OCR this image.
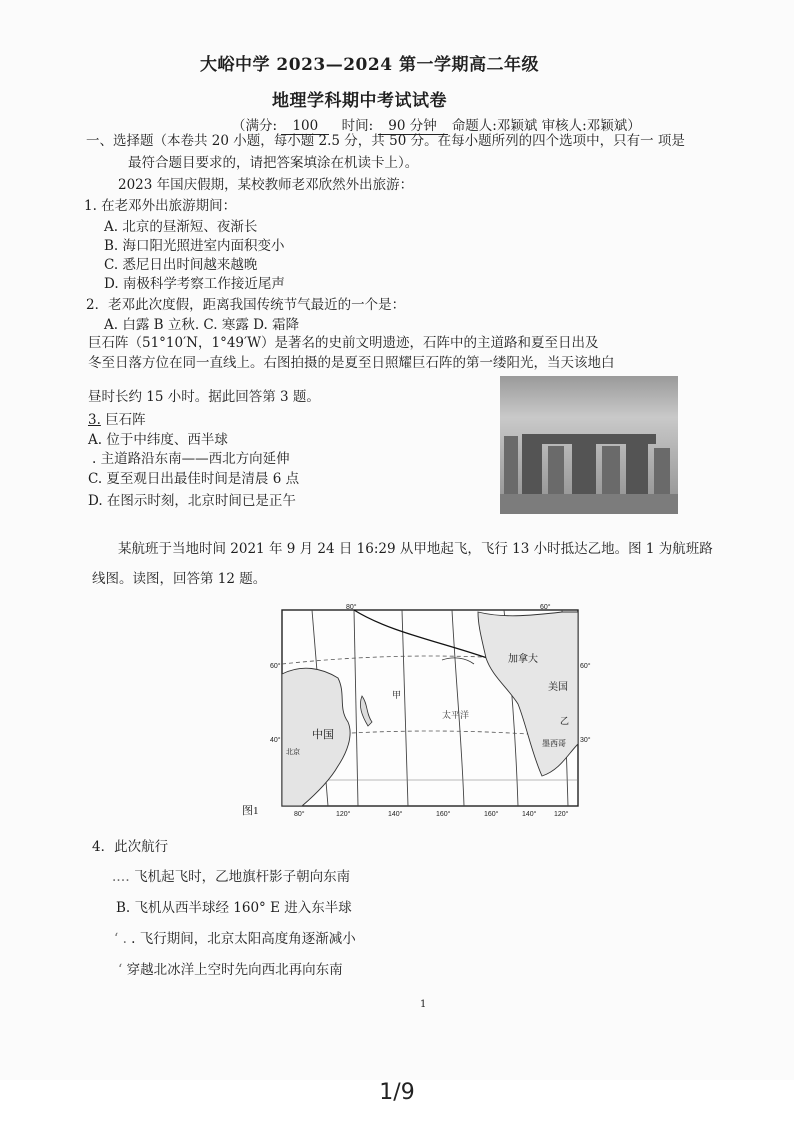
大峪中学 2023—2024 第一学期高二年级
地理学科期中考试试卷
（满分: 100 时间: 90 分钟 命题人:邓颖斌 审核人:邓颖斌）
一、选择题（本卷共 20 小题，每小题 2.5 分，共 50 分。在每小题所列的四个选项中，只有一 项是
最符合题目要求的，请把答案填涂在机读卡上）。
2023 年国庆假期，某校教师老邓欣然外出旅游：
1. 在老邓外出旅游期间：
A. 北京的昼渐短、夜渐长
B. 海口阳光照进室内面积变小
C. 悉尼日出时间越来越晚
D. 南极科学考察工作接近尾声
2．老邓此次度假，距离我国传统节气最近的一个是：
A. 白露 B 立秋. C. 寒露 D. 霜降
巨石阵（51°10′N，1°49′W）是著名的史前文明遗迹，石阵中的主道路和夏至日出及
冬至日落方位在同一直线上。右图拍摄的是夏至日照耀巨石阵的第一缕阳光，当天该地白
昼时长约 15 小时。据此回答第 3 题。
3. 巨石阵
A. 位于中纬度、西半球
. 主道路沿东南——西北方向延伸
C. 夏至观日出最佳时间是清晨 6 点
D. 在图示时刻，北京时间已是正午
某航班于当地时间 2021 年 9 月 24 日 16:29 从甲地起飞，飞行 13 小时抵达乙地。图 1 为航班路
线图。读图，回答第 12 题。
中国
北京
加拿大
美国
墨西哥
太平洋
甲
乙
60°
40°
60°
30°
80°	60°
80°	120°	140°	160°	160°	140°	120°
图1
4．此次航行
.… 飞机起飞时，乙地旗杆影子朝向东南
B. 飞机从西半球经 160° E 进入东半球
‘ . . 飞行期间，北京太阳高度角逐渐减小
‘ 穿越北冰洋上空时先向西北再向东南
1
1/9
